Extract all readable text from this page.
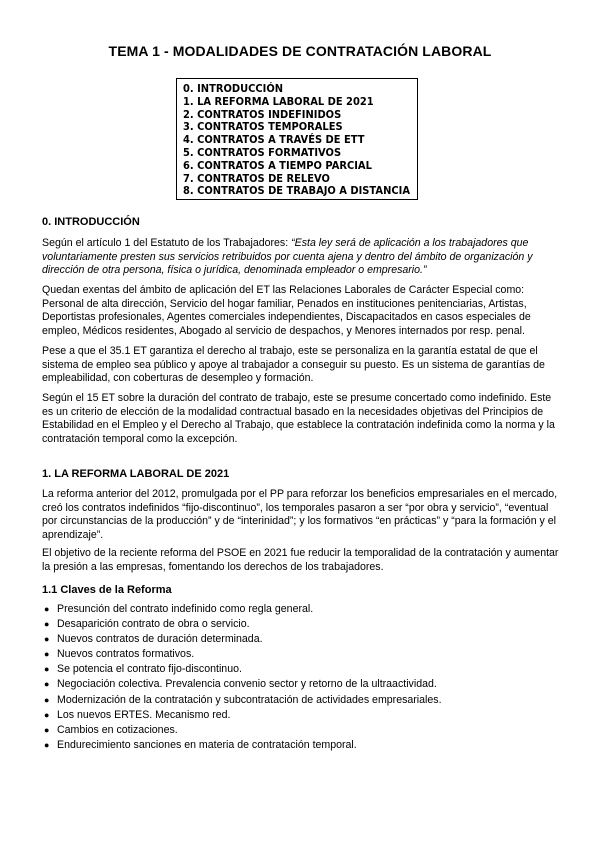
TEMA 1 - MODALIDADES DE CONTRATACIÓN LABORAL
0. INTRODUCCIÓN
1. LA REFORMA LABORAL DE 2021
2. CONTRATOS INDEFINIDOS
3. CONTRATOS TEMPORALES
4. CONTRATOS A TRAVÉS DE ETT
5. CONTRATOS FORMATIVOS
6. CONTRATOS A TIEMPO PARCIAL
7. CONTRATOS DE RELEVO
8. CONTRATOS DE TRABAJO A DISTANCIA
0. INTRODUCCIÓN
Según el artículo 1 del Estatuto de los Trabajadores: “Esta ley será de aplicación a los trabajadores que voluntariamente presten sus servicios retribuidos por cuenta ajena y dentro del ámbito de organización y dirección de otra persona, física o jurídica, denominada empleador o empresario.”
Quedan exentas del ámbito de aplicación del ET las Relaciones Laborales de Carácter Especial como: Personal de alta dirección, Servicio del hogar familiar, Penados en instituciones penitenciarias, Artistas, Deportistas profesionales, Agentes comerciales independientes, Discapacitados en casos especiales de empleo, Médicos residentes, Abogado al servicio de despachos, y Menores internados por resp. penal.
Pese a que el 35.1 ET garantiza el derecho al trabajo, este se personaliza en la garantía estatal de que el sistema de empleo sea público y apoye al trabajador a conseguir su puesto. Es un sistema de garantías de empleabilidad, con coberturas de desempleo y formación.
Según el 15 ET sobre la duración del contrato de trabajo, este se presume concertado como indefinido. Este es un criterio de elección de la modalidad contractual basado en la necesidades objetivas del Principios de Estabilidad en el Empleo y el Derecho al Trabajo, que establece la contratación indefinida como la norma y la contratación temporal como la excepción.
1. LA REFORMA LABORAL DE 2021
La reforma anterior del 2012, promulgada por el PP para reforzar los beneficios empresariales en el mercado, creó los contratos indefinidos “fijo-discontinuo”, los temporales pasaron a ser “por obra y servicio”, “eventual por circunstancias de la producción” y de “interinidad”; y los formativos “en prácticas” y “para la formación y el aprendizaje”.
El objetivo de la reciente reforma del PSOE en 2021 fue reducir la temporalidad de la contratación y aumentar la presión a las empresas, fomentando los derechos de los trabajadores.
1.1 Claves de la Reforma
● Presunción del contrato indefinido como regla general.
● Desaparición contrato de obra o servicio.
● Nuevos contratos de duración determinada.
● Nuevos contratos formativos.
● Se potencia el contrato fijo-discontinuo.
● Negociación colectiva. Prevalencia convenio sector y retorno de la ultraactividad.
● Modernización de la contratación y subcontratación de actividades empresariales.
● Los nuevos ERTES. Mecanismo red.
● Cambios en cotizaciones.
● Endurecimiento sanciones en materia de contratación temporal.
